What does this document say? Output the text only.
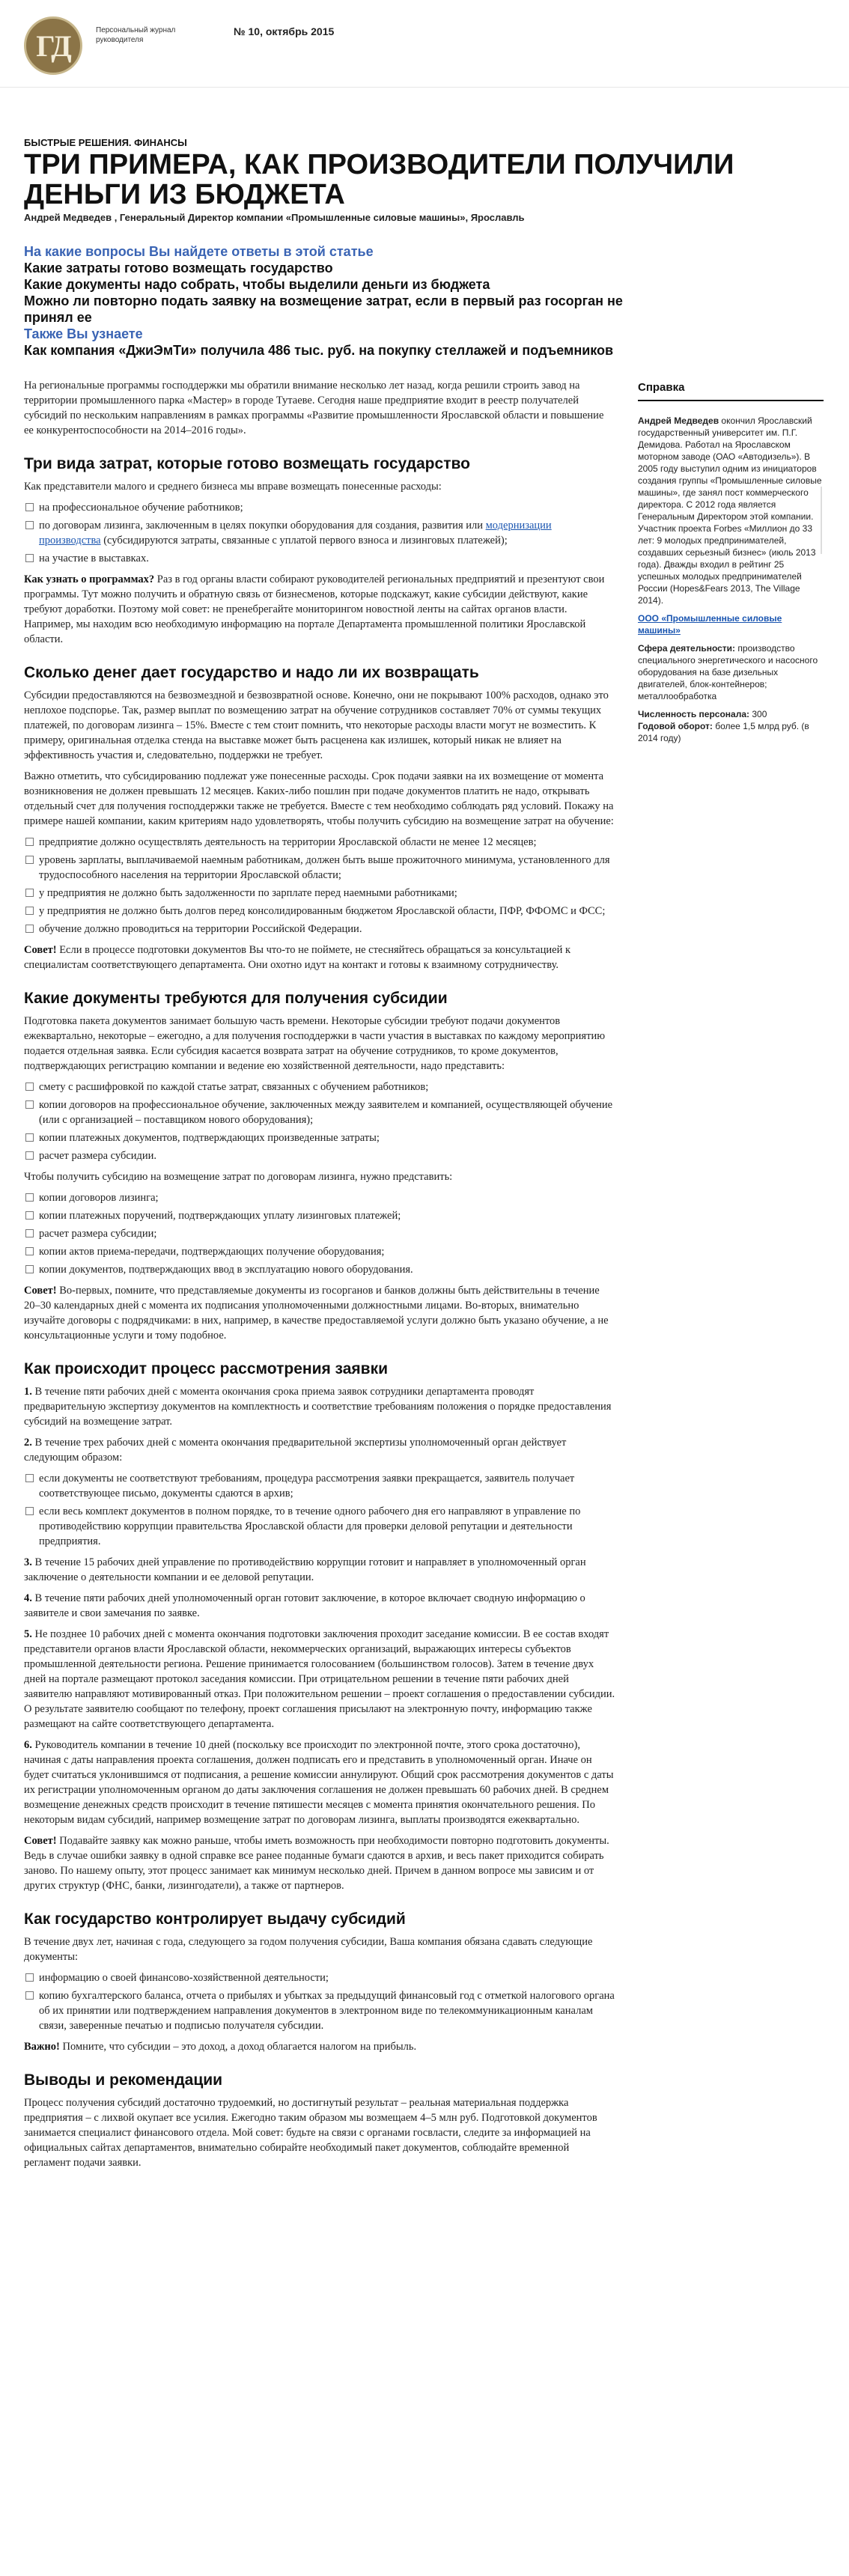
ГД	Персональный журнал руководителя
№ 10, октябрь 2015
БЫСТРЫЕ РЕШЕНИЯ. ФИНАНСЫ
ТРИ ПРИМЕРА, КАК ПРОИЗВОДИТЕЛИ ПОЛУЧИЛИ ДЕНЬГИ ИЗ БЮДЖЕТА
Андрей Медведев , Генеральный Директор компании «Промышленные силовые машины», Ярославль
На какие вопросы Вы найдете ответы в этой статье
Какие затраты готово возмещать государство
Какие документы надо собрать, чтобы выделили деньги из бюджета
Можно ли повторно подать заявку на возмещение затрат, если в первый раз госорган не принял ее
Также Вы узнаете
Как компания «ДжиЭмТи» получила 486 тыс. руб. на покупку стеллажей и подъемников

На региональные программы господдержки мы обратили внимание несколько лет назад, когда решили строить завод на территории промышленного парка «Мастер» в городе Тутаеве. Сегодня наше предприятие входит в реестр получателей субсидий по нескольким направлениям в рамках программы «Развитие промышленности Ярославской области и повышение ее конкурентоспособности на 2014–2016 годы».

Три вида затрат, которые готово возмещать государство

Как представители малого и среднего бизнеса мы вправе возмещать понесенные расходы:

на профессиональное обучение работников;
по договорам лизинга, заключенным в целях покупки оборудования для создания, развития или модернизации производства (субсидируются затраты, связанные с уплатой первого взноса и лизинговых платежей);
на участие в выставках.

Как узнать о программах? Раз в год органы власти собирают руководителей региональных предприятий и презентуют свои программы. Тут можно получить и обратную связь от бизнесменов, которые подскажут, какие субсидии действуют, какие требуют доработки. Поэтому мой совет: не пренебрегайте мониторингом новостной ленты на сайтах органов власти. Например, мы находим всю необходимую информацию на портале Департамента промышленной политики Ярославской области.

Сколько денег дает государство и надо ли их возвращать

Субсидии предоставляются на безвозмездной и безвозвратной основе. Конечно, они не покрывают 100% расходов, однако это неплохое подспорье. Так, размер выплат по возмещению затрат на обучение сотрудников составляет 70% от суммы текущих платежей, по договорам лизинга – 15%. Вместе с тем стоит помнить, что некоторые расходы власти могут не возместить. К примеру, оригинальная отделка стенда на выставке может быть расценена как излишек, который никак не влияет на эффективность участия и, следовательно, поддержки не требует.

Важно отметить, что субсидированию подлежат уже понесенные расходы. Срок подачи заявки на их возмещение от момента возникновения не должен превышать 12 месяцев. Каких-либо пошлин при подаче документов платить не надо, открывать отдельный счет для получения господдержки также не требуется. Вместе с тем необходимо соблюдать ряд условий. Покажу на примере нашей компании, каким критериям надо удовлетворять, чтобы получить субсидию на возмещение затрат на обучение:

предприятие должно осуществлять деятельность на территории Ярославской области не менее 12 месяцев;
уровень зарплаты, выплачиваемой наемным работникам, должен быть выше прожиточного минимума, установленного для трудоспособного населения на территории Ярославской области;
у предприятия не должно быть задолженности по зарплате перед наемными работниками;
у предприятия не должно быть долгов перед консолидированным бюджетом Ярославской области, ПФР, ФФОМС и ФСС;
обучение должно проводиться на территории Российской Федерации.

Совет! Если в процессе подготовки документов Вы что-то не поймете, не стесняйтесь обращаться за консультацией к специалистам соответствующего департамента. Они охотно идут на контакт и готовы к взаимному сотрудничеству.

Какие документы требуются для получения субсидии

Подготовка пакета документов занимает большую часть времени. Некоторые субсидии требуют подачи документов ежеквартально, некоторые – ежегодно, а для получения господдержки в части участия в выставках по каждому мероприятию подается отдельная заявка. Если субсидия касается возврата затрат на обучение сотрудников, то кроме документов, подтверждающих регистрацию компании и ведение ею хозяйственной деятельности, надо представить:

смету с расшифровкой по каждой статье затрат, связанных с обучением работников;
копии договоров на профессиональное обучение, заключенных между заявителем и компанией, осуществляющей обучение (или с организацией – поставщиком нового оборудования);
копии платежных документов, подтверждающих произведенные затраты;
расчет размера субсидии.

Чтобы получить субсидию на возмещение затрат по договорам лизинга, нужно представить:

копии договоров лизинга;
копии платежных поручений, подтверждающих уплату лизинговых платежей;
расчет размера субсидии;
копии актов приема-передачи, подтверждающих получение оборудования;
копии документов, подтверждающих ввод в эксплуатацию нового оборудования.

Совет! Во-первых, помните, что представляемые документы из госорганов и банков должны быть действительны в течение 20–30 календарных дней с момента их подписания уполномоченными должностными лицами. Во-вторых, внимательно изучайте договоры с подрядчиками: в них, например, в качестве предоставляемой услуги должно быть указано обучение, а не консультационные услуги и тому подобное.

Как происходит процесс рассмотрения заявки

1. В течение пяти рабочих дней с момента окончания срока приема заявок сотрудники департамента проводят предварительную экспертизу документов на комплектность и соответствие требованиям положения о порядке предоставления субсидий на возмещение затрат.

2. В течение трех рабочих дней с момента окончания предварительной экспертизы уполномоченный орган действует следующим образом:

если документы не соответствуют требованиям, процедура рассмотрения заявки прекращается, заявитель получает соответствующее письмо, документы сдаются в архив;
если весь комплект документов в полном порядке, то в течение одного рабочего дня его направляют в управление по противодействию коррупции правительства Ярославской области для проверки деловой репутации и деятельности предприятия.

3. В течение 15 рабочих дней управление по противодействию коррупции готовит и направляет в уполномоченный орган заключение о деятельности компании и ее деловой репутации.

4. В течение пяти рабочих дней уполномоченный орган готовит заключение, в которое включает сводную информацию о заявителе и свои замечания по заявке.

5. Не позднее 10 рабочих дней с момента окончания подготовки заключения проходит заседание комиссии. В ее состав входят представители органов власти Ярославской области, некоммерческих организаций, выражающих интересы субъектов промышленной деятельности региона. Решение принимается голосованием (большинством голосов). Затем в течение двух дней на портале размещают протокол заседания комиссии. При отрицательном решении в течение пяти рабочих дней заявителю направляют мотивированный отказ. При положительном решении – проект соглашения о предоставлении субсидии. О результате заявителю сообщают по телефону, проект соглашения присылают на электронную почту, информацию также размещают на сайте соответствующего департамента.

6. Руководитель компании в течение 10 дней (поскольку все происходит по электронной почте, этого срока достаточно), начиная с даты направления проекта соглашения, должен подписать его и представить в уполномоченный орган. Иначе он будет считаться уклонившимся от подписания, а решение комиссии аннулируют. Общий срок рассмотрения документов с даты их регистрации уполномоченным органом до даты заключения соглашения не должен превышать 60 рабочих дней. В среднем возмещение денежных средств происходит в течение пятишести месяцев с момента принятия окончательного решения. По некоторым видам субсидий, например возмещение затрат по договорам лизинга, выплаты производятся ежеквартально.

Совет! Подавайте заявку как можно раньше, чтобы иметь возможность при необходимости повторно подготовить документы. Ведь в случае ошибки заявку в одной справке все ранее поданные бумаги сдаются в архив, и весь пакет приходится собирать заново. По нашему опыту, этот процесс занимает как минимум несколько дней. Причем в данном вопросе мы зависим и от других структур (ФНС, банки, лизингодатели), а также от партнеров.

Как государство контролирует выдачу субсидий

В течение двух лет, начиная с года, следующего за годом получения субсидии, Ваша компания обязана сдавать следующие документы:

информацию о своей финансово-хозяйственной деятельности;
копию бухгалтерского баланса, отчета о прибылях и убытках за предыдущий финансовый год с отметкой налогового органа об их принятии или подтверждением направления документов в электронном виде по телекоммуникационным каналам связи, заверенные печатью и подписью получателя субсидии.

Важно! Помните, что субсидии – это доход, а доход облагается налогом на прибыль.

Выводы и рекомендации

Процесс получения субсидий достаточно трудоемкий, но достигнутый результат – реальная материальная поддержка предприятия – с лихвой окупает все усилия. Ежегодно таким образом мы возмещаем 4–5 млн руб. Подготовкой документов занимается специалист финансового отдела. Мой совет: будьте на связи с органами госвласти, следите за информацией на официальных сайтах департаментов, внимательно собирайте необходимый пакет документов, соблюдайте временной регламент подачи заявки.

Справка

Андрей Медведев окончил Ярославский государственный университет им. П.Г. Демидова. Работал на Ярославском моторном заводе (ОАО «Автодизель»). В 2005 году выступил одним из инициаторов создания группы «Промышленные силовые машины», где занял пост коммерческого директора. С 2012 года является Генеральным Директором этой компании. Участник проекта Forbes «Миллион до 33 лет: 9 молодых предпринимателей, создавших серьезный бизнес» (июль 2013 года). Дважды входил в рейтинг 25 успешных молодых предпринимателей России (Hopes&Fears 2013, The Village 2014).

ООО «Промышленные силовые машины»

Сфера деятельности: производство специального энергетического и насосного оборудования на базе дизельных двигателей, блок-контейнеров; металлообработка

Численность персонала: 300
Годовой оборот: более 1,5 млрд руб. (в 2014 году)
